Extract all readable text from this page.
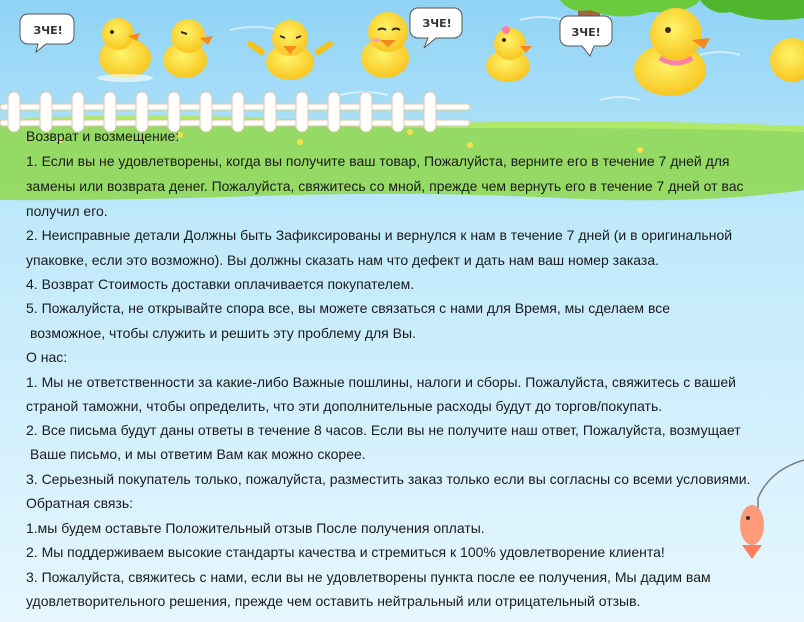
ЗЧЕ!
ЗЧЕ!
ЗЧЕ!
Возврат и возмещение:
1. Если вы не удовлетворены, когда вы получите ваш товар, Пожалуйста, верните его в течение 7 дней для
замены или возврата денег. Пожалуйста, свяжитесь со мной, прежде чем вернуть его в течение 7 дней от вас
получил его.
2. Неисправные детали Должны быть Зафиксированы и вернулся к нам в течение 7 дней (и в оригинальной
упаковке, если это возможно). Вы должны сказать нам что дефект и дать нам ваш номер заказа.
4. Возврат Стоимость доставки оплачивается покупателем.
5. Пожалуйста, не открывайте спора все, вы можете связаться с нами для Время, мы сделаем все
возможное, чтобы служить и решить эту проблему для Вы.
О нас:
1. Мы не ответственности за какие-либо Важные пошлины, налоги и сборы. Пожалуйста, свяжитесь с вашей
страной таможни, чтобы определить, что эти дополнительные расходы будут до торгов/покупать.
2. Все письма будут даны ответы в течение 8 часов. Если вы не получите наш ответ, Пожалуйста, возмущает
Ваше письмо, и мы ответим Вам как можно скорее.
3. Серьезный покупатель только, пожалуйста, разместить заказ только если вы согласны со всеми условиями.
Обратная связь:
1.мы будем оставьте Положительный отзыв После получения оплаты.
2. Мы поддерживаем высокие стандарты качества и стремиться к 100% удовлетворение клиента!
3. Пожалуйста, свяжитесь с нами, если вы не удовлетворены пункта после ее получения, Мы дадим вам
удовлетворительного решения, прежде чем оставить нейтральный или отрицательный отзыв.
